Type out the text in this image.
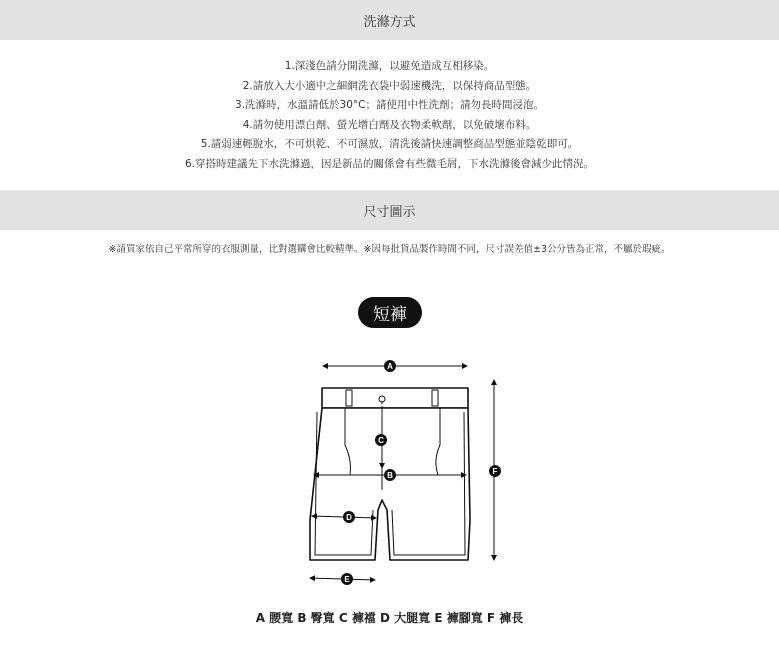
洗滌方式
1.深淺色請分開洗滌，以避免造成互相移染。
2.請放入大小適中之細網洗衣袋中弱速機洗，以保持商品型態。
3.洗滌時，水溫請低於30°C；請使用中性洗劑；請勿長時間浸泡。
4.請勿使用漂白劑、螢光增白劑及衣物柔軟劑，以免破壞布料。
5.請弱速輕脫水，不可烘乾、不可濕放，清洗後請快速調整商品型態並陰乾即可。
6.穿搭時建議先下水洗滌過，因是新品的關係會有些微毛屑，下水洗滌後會減少此情況。
尺寸圖示
※請買家依自己平常所穿的衣服測量，比對選購會比較精準。※因每批貨品製作時間不同，尺寸誤差值±3公分皆為正常，不屬於瑕疵。
短褲
A
C
B
D
E
F
A 腰寬 B 臀寬 C 褲襠 D 大腿寬 E 褲腳寬 F 褲長
